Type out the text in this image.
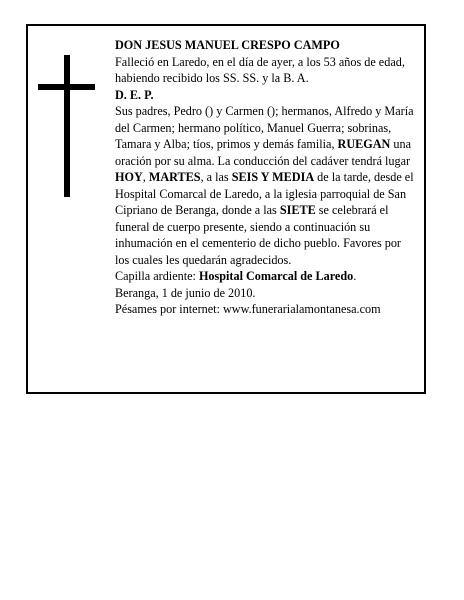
DON JESUS MANUEL CRESPO CAMPO

Falleció en Laredo, en el día de ayer, a los 53 años de edad, habiendo recibido los SS. SS. y la B. A.

D. E. P.

Sus padres, Pedro () y Carmen (); hermanos, Alfredo y María del Carmen; hermano político, Manuel Guerra; sobrinas, Tamara y Alba; tíos, primos y demás familia, RUEGAN una oración por su alma. La conducción del cadáver tendrá lugar HOY, MARTES, a las SEIS Y MEDIA de la tarde, desde el Hospital Comarcal de Laredo, a la iglesia parroquial de San Cipriano de Beranga, donde a las SIETE se celebrará el funeral de cuerpo presente, siendo a continuación su inhumación en el cementerio de dicho pueblo. Favores por los cuales les quedarán agradecidos.

Capilla ardiente: Hospital Comarcal de Laredo.

Beranga, 1 de junio de 2010.

Pésames por internet: www.funerarialamontanesa.com
